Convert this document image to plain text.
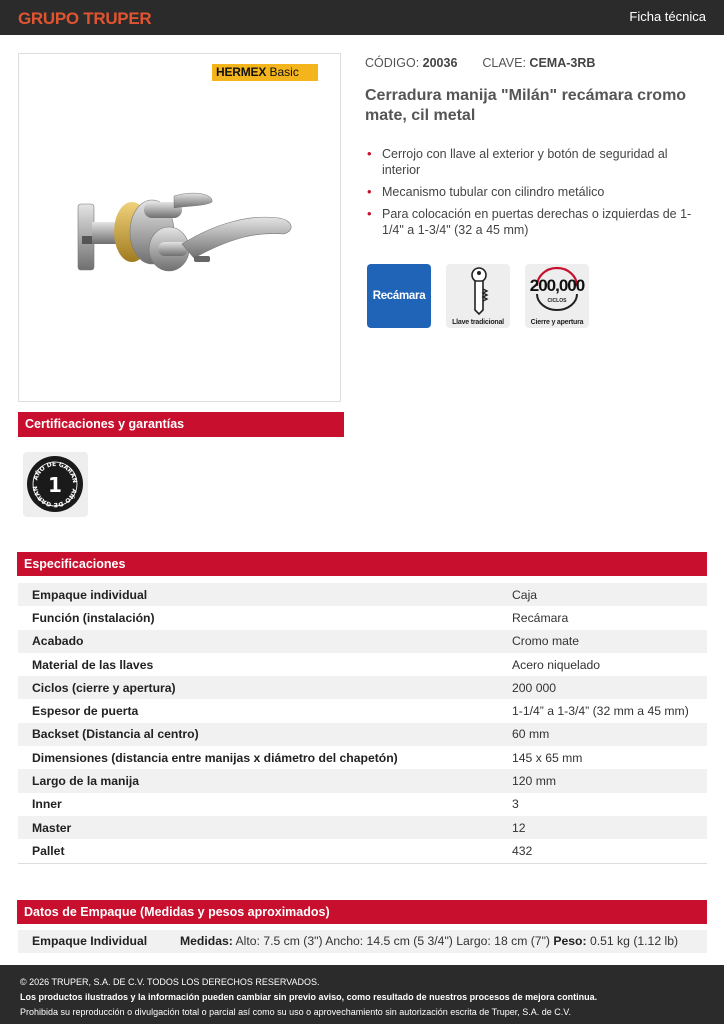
GRUPO TRUPER	Ficha técnica
HERMEX Basic
CÓDIGO: 20036 CLAVE: CEMA-3RB
Cerradura manija "Milán" recámara cromo mate, cil metal
• Cerrojo con llave al exterior y botón de seguridad al interior
• Mecanismo tubular con cilindro metálico
• Para colocación en puertas derechas o izquierdas de 1-1/4" a 1-3/4" (32 a 45 mm)
Recámara
Llave tradicional
200,000
CICLOS
Cierre y apertura
Certificaciones y garantías
AÑO DE GARAN
AÑO DE GARAN 1
Especificaciones
Empaque individual	Caja
Función (instalación)	Recámara
Acabado	Cromo mate
Material de las llaves	Acero niquelado
Ciclos (cierre y apertura)	200 000
Espesor de puerta	1-1/4” a 1-3/4” (32 mm a 45 mm)
Backset (Distancia al centro)	60 mm
Dimensiones (distancia entre manijas x diámetro del chapetón)	145 x 65 mm
Largo de la manija	120 mm
Inner	3
Master	12
Pallet	432
Datos de Empaque (Medidas y pesos aproximados)
Empaque Individual	Medidas: Alto: 7.5 cm (3") Ancho: 14.5 cm (5 3/4") Largo: 18 cm (7") Peso: 0.51 kg (1.12 lb)
© 2026 TRUPER, S.A. DE C.V. TODOS LOS DERECHOS RESERVADOS.
Los productos ilustrados y la información pueden cambiar sin previo aviso, como resultado de nuestros procesos de mejora continua.
Prohibida su reproducción o divulgación total o parcial así como su uso o aprovechamiento sin autorización escrita de Truper, S.A. de C.V.
